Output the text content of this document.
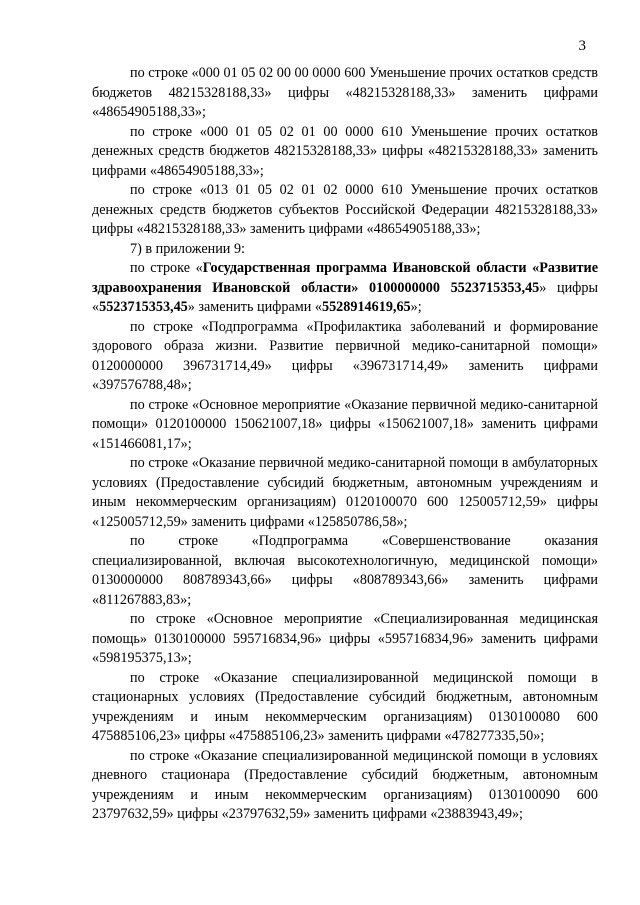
3

по строке «000 01 05 02 00 00 0000 600 Уменьшение прочих остатков средств бюджетов 48215328188,33» цифры «48215328188,33» заменить цифрами «48654905188,33»;

по строке «000 01 05 02 01 00 0000 610 Уменьшение прочих остатков денежных средств бюджетов 48215328188,33» цифры «48215328188,33» заменить цифрами «48654905188,33»;

по строке «013 01 05 02 01 02 0000 610 Уменьшение прочих остатков денежных средств бюджетов субъектов Российской Федерации 48215328188,33» цифры «48215328188,33» заменить цифрами «48654905188,33»;

7) в приложении 9:

по строке «Государственная программа Ивановской области «Развитие здравоохранения Ивановской области» 0100000000 5523715353,45» цифры «5523715353,45» заменить цифрами «5528914619,65»;

по строке «Подпрограмма «Профилактика заболеваний и формирование здорового образа жизни. Развитие первичной медико-санитарной помощи» 0120000000 396731714,49» цифры «396731714,49» заменить цифрами «397576788,48»;

по строке «Основное мероприятие «Оказание первичной медико-санитарной помощи» 0120100000 150621007,18» цифры «150621007,18» заменить цифрами «151466081,17»;

по строке «Оказание первичной медико-санитарной помощи в амбулаторных условиях (Предоставление субсидий бюджетным, автономным учреждениям и иным некоммерческим организациям) 0120100070 600 125005712,59» цифры «125005712,59» заменить цифрами «125850786,58»;

по строке «Подпрограмма «Совершенствование оказания специализированной, включая высокотехнологичную, медицинской помощи» 0130000000 808789343,66» цифры «808789343,66» заменить цифрами «811267883,83»;

по строке «Основное мероприятие «Специализированная медицинская помощь» 0130100000 595716834,96» цифры «595716834,96» заменить цифрами «598195375,13»;

по строке «Оказание специализированной медицинской помощи в стационарных условиях (Предоставление субсидий бюджетным, автономным учреждениям и иным некоммерческим организациям) 0130100080 600 475885106,23» цифры «475885106,23» заменить цифрами «478277335,50»;

по строке «Оказание специализированной медицинской помощи в условиях дневного стационара (Предоставление субсидий бюджетным, автономным учреждениям и иным некоммерческим организациям) 0130100090 600 23797632,59» цифры «23797632,59» заменить цифрами «23883943,49»;
